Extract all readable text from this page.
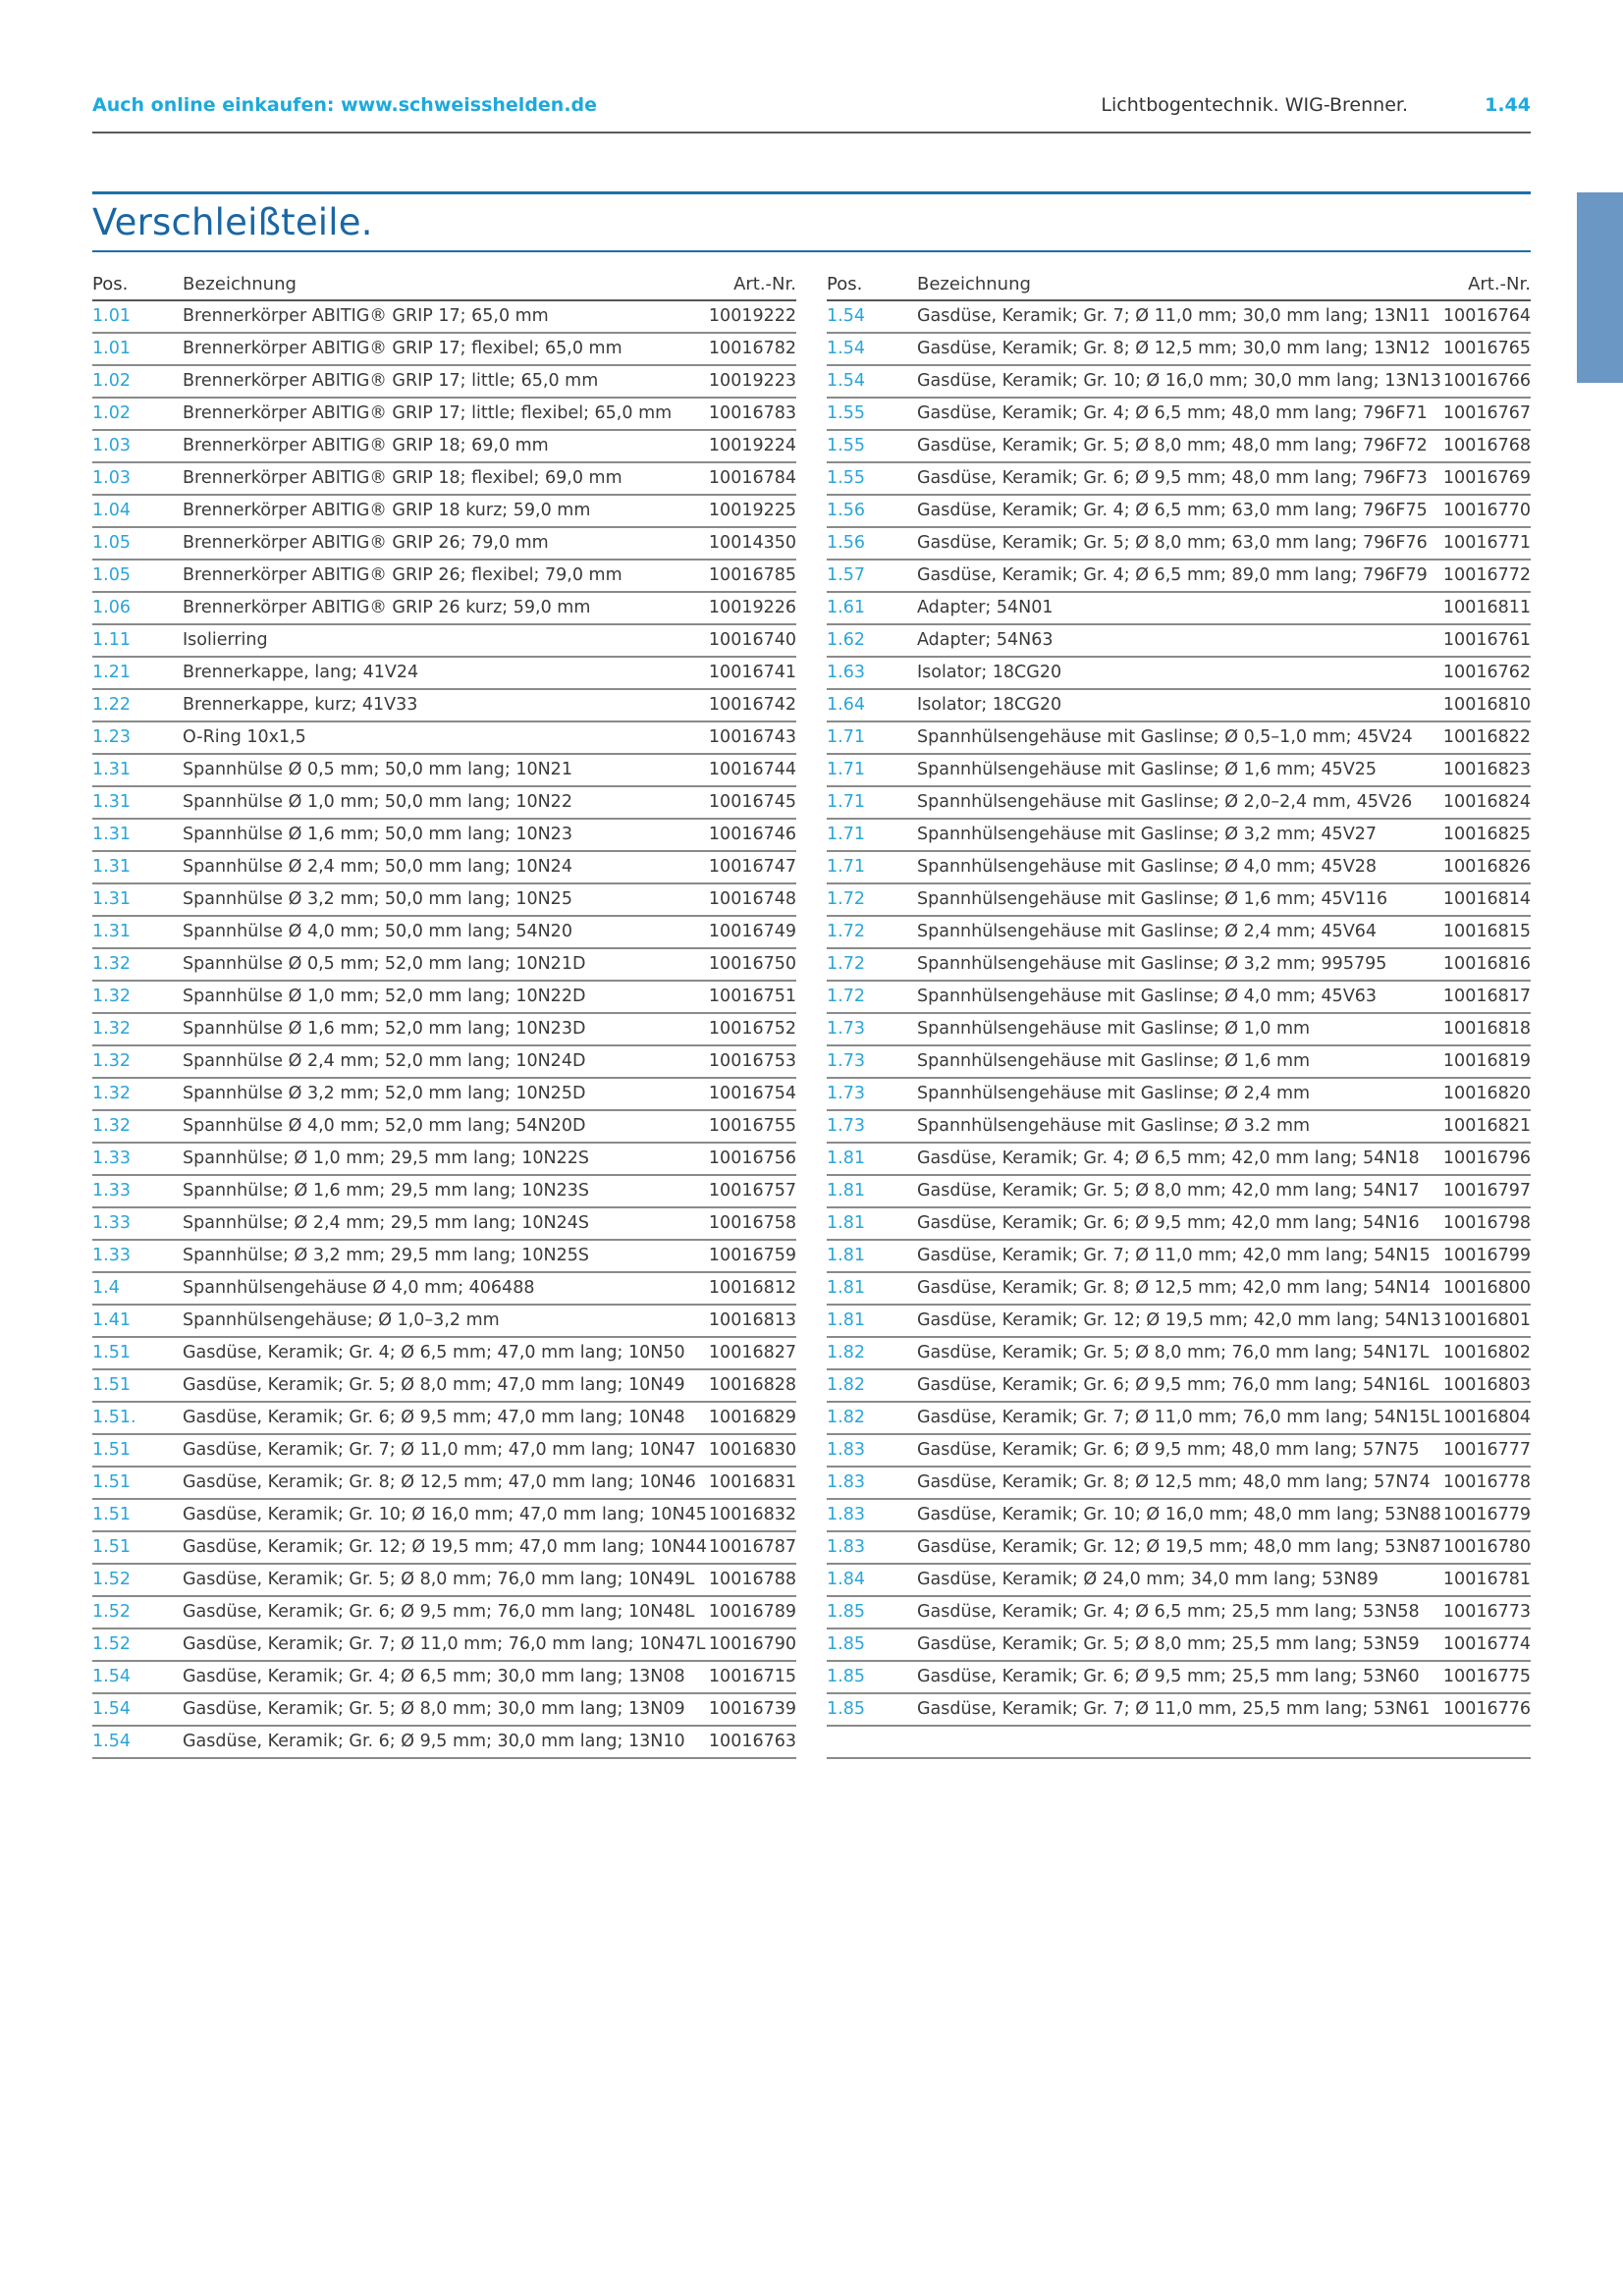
Auch online einkaufen: www.schweisshelden.de	Lichtbogentechnik. WIG-Brenner.	1.44
Verschleißteile.
Pos.	Bezeichnung	Art.-Nr.
1.01	Brennerkörper ABITIG® GRIP 17; 65,0 mm	10019222
1.01	Brennerkörper ABITIG® GRIP 17; flexibel; 65,0 mm	10016782
1.02	Brennerkörper ABITIG® GRIP 17; little; 65,0 mm	10019223
1.02	Brennerkörper ABITIG® GRIP 17; little; flexibel; 65,0 mm 10016783
1.03	Brennerkörper ABITIG® GRIP 18; 69,0 mm	10019224
1.03	Brennerkörper ABITIG® GRIP 18; flexibel; 69,0 mm	10016784
1.04	Brennerkörper ABITIG® GRIP 18 kurz; 59,0 mm	10019225
1.05	Brennerkörper ABITIG® GRIP 26; 79,0 mm	10014350
1.05	Brennerkörper ABITIG® GRIP 26; flexibel; 79,0 mm	10016785
1.06	Brennerkörper ABITIG® GRIP 26 kurz; 59,0 mm	10019226
1.11	Isolierring	10016740
1.21	Brennerkappe, lang; 41V24	10016741
1.22	Brennerkappe, kurz; 41V33	10016742
1.23	O-Ring 10x1,5	10016743
1.31	Spannhülse Ø 0,5 mm; 50,0 mm lang; 10N21	10016744
1.31	Spannhülse Ø 1,0 mm; 50,0 mm lang; 10N22	10016745
1.31	Spannhülse Ø 1,6 mm; 50,0 mm lang; 10N23	10016746
1.31	Spannhülse Ø 2,4 mm; 50,0 mm lang; 10N24	10016747
1.31	Spannhülse Ø 3,2 mm; 50,0 mm lang; 10N25	10016748
1.31	Spannhülse Ø 4,0 mm; 50,0 mm lang; 54N20	10016749
1.32	Spannhülse Ø 0,5 mm; 52,0 mm lang; 10N21D	10016750
1.32	Spannhülse Ø 1,0 mm; 52,0 mm lang; 10N22D	10016751
1.32	Spannhülse Ø 1,6 mm; 52,0 mm lang; 10N23D	10016752
1.32	Spannhülse Ø 2,4 mm; 52,0 mm lang; 10N24D	10016753
1.32	Spannhülse Ø 3,2 mm; 52,0 mm lang; 10N25D	10016754
1.32	Spannhülse Ø 4,0 mm; 52,0 mm lang; 54N20D	10016755
1.33	Spannhülse; Ø 1,0 mm; 29,5 mm lang; 10N22S	10016756
1.33	Spannhülse; Ø 1,6 mm; 29,5 mm lang; 10N23S	10016757
1.33	Spannhülse; Ø 2,4 mm; 29,5 mm lang; 10N24S	10016758
1.33	Spannhülse; Ø 3,2 mm; 29,5 mm lang; 10N25S	10016759
1.4	Spannhülsengehäuse Ø 4,0 mm; 406488	10016812
1.41	Spannhülsengehäuse; Ø 1,0–3,2 mm	10016813
1.51	Gasdüse, Keramik; Gr. 4; Ø 6,5 mm; 47,0 mm lang; 10N50 10016827
1.51	Gasdüse, Keramik; Gr. 5; Ø 8,0 mm; 47,0 mm lang; 10N49 10016828
1.51.	Gasdüse, Keramik; Gr. 6; Ø 9,5 mm; 47,0 mm lang; 10N48 10016829
1.51	Gasdüse, Keramik; Gr. 7; Ø 11,0 mm; 47,0 mm lang; 10N47 10016830
1.51	Gasdüse, Keramik; Gr. 8; Ø 12,5 mm; 47,0 mm lang; 10N46 10016831
1.51	Gasdüse, Keramik; Gr. 10; Ø 16,0 mm; 47,0 mm lang; 10N45 10016832
1.51	Gasdüse, Keramik; Gr. 12; Ø 19,5 mm; 47,0 mm lang; 10N44 10016787
1.52	Gasdüse, Keramik; Gr. 5; Ø 8,0 mm; 76,0 mm lang; 10N49L 10016788
1.52	Gasdüse, Keramik; Gr. 6; Ø 9,5 mm; 76,0 mm lang; 10N48L 10016789
1.52	Gasdüse, Keramik; Gr. 7; Ø 11,0 mm; 76,0 mm lang; 10N47L 10016790
1.54	Gasdüse, Keramik; Gr. 4; Ø 6,5 mm; 30,0 mm lang; 13N08 10016715
1.54	Gasdüse, Keramik; Gr. 5; Ø 8,0 mm; 30,0 mm lang; 13N09 10016739
1.54	Gasdüse, Keramik; Gr. 6; Ø 9,5 mm; 30,0 mm lang; 13N10 10016763
Pos.	Bezeichnung	Art.-Nr.
1.54	Gasdüse, Keramik; Gr. 7; Ø 11,0 mm; 30,0 mm lang; 13N11 10016764
1.54	Gasdüse, Keramik; Gr. 8; Ø 12,5 mm; 30,0 mm lang; 13N12 10016765
1.54	Gasdüse, Keramik; Gr. 10; Ø 16,0 mm; 30,0 mm lang; 13N13 10016766
1.55	Gasdüse, Keramik; Gr. 4; Ø 6,5 mm; 48,0 mm lang; 796F71 10016767
1.55	Gasdüse, Keramik; Gr. 5; Ø 8,0 mm; 48,0 mm lang; 796F72 10016768
1.55	Gasdüse, Keramik; Gr. 6; Ø 9,5 mm; 48,0 mm lang; 796F73 10016769
1.56	Gasdüse, Keramik; Gr. 4; Ø 6,5 mm; 63,0 mm lang; 796F75 10016770
1.56	Gasdüse, Keramik; Gr. 5; Ø 8,0 mm; 63,0 mm lang; 796F76 10016771
1.57	Gasdüse, Keramik; Gr. 4; Ø 6,5 mm; 89,0 mm lang; 796F79 10016772
1.61	Adapter; 54N01	10016811
1.62	Adapter; 54N63	10016761
1.63	Isolator; 18CG20	10016762
1.64	Isolator; 18CG20	10016810
1.71	Spannhülsengehäuse mit Gaslinse; Ø 0,5–1,0 mm; 45V24 10016822
1.71	Spannhülsengehäuse mit Gaslinse; Ø 1,6 mm; 45V25	10016823
1.71	Spannhülsengehäuse mit Gaslinse; Ø 2,0–2,4 mm, 45V26 10016824
1.71	Spannhülsengehäuse mit Gaslinse; Ø 3,2 mm; 45V27	10016825
1.71	Spannhülsengehäuse mit Gaslinse; Ø 4,0 mm; 45V28	10016826
1.72	Spannhülsengehäuse mit Gaslinse; Ø 1,6 mm; 45V116	10016814
1.72	Spannhülsengehäuse mit Gaslinse; Ø 2,4 mm; 45V64	10016815
1.72	Spannhülsengehäuse mit Gaslinse; Ø 3,2 mm; 995795	10016816
1.72	Spannhülsengehäuse mit Gaslinse; Ø 4,0 mm; 45V63	10016817
1.73	Spannhülsengehäuse mit Gaslinse; Ø 1,0 mm	10016818
1.73	Spannhülsengehäuse mit Gaslinse; Ø 1,6 mm	10016819
1.73	Spannhülsengehäuse mit Gaslinse; Ø 2,4 mm	10016820
1.73	Spannhülsengehäuse mit Gaslinse; Ø 3.2 mm	10016821
1.81	Gasdüse, Keramik; Gr. 4; Ø 6,5 mm; 42,0 mm lang; 54N18 10016796
1.81	Gasdüse, Keramik; Gr. 5; Ø 8,0 mm; 42,0 mm lang; 54N17 10016797
1.81	Gasdüse, Keramik; Gr. 6; Ø 9,5 mm; 42,0 mm lang; 54N16 10016798
1.81	Gasdüse, Keramik; Gr. 7; Ø 11,0 mm; 42,0 mm lang; 54N15 10016799
1.81	Gasdüse, Keramik; Gr. 8; Ø 12,5 mm; 42,0 mm lang; 54N14 10016800
1.81	Gasdüse, Keramik; Gr. 12; Ø 19,5 mm; 42,0 mm lang; 54N13 10016801
1.82	Gasdüse, Keramik; Gr. 5; Ø 8,0 mm; 76,0 mm lang; 54N17L 10016802
1.82	Gasdüse, Keramik; Gr. 6; Ø 9,5 mm; 76,0 mm lang; 54N16L 10016803
1.82	Gasdüse, Keramik; Gr. 7; Ø 11,0 mm; 76,0 mm lang; 54N15L 10016804
1.83	Gasdüse, Keramik; Gr. 6; Ø 9,5 mm; 48,0 mm lang; 57N75 10016777
1.83	Gasdüse, Keramik; Gr. 8; Ø 12,5 mm; 48,0 mm lang; 57N74 10016778
1.83	Gasdüse, Keramik; Gr. 10; Ø 16,0 mm; 48,0 mm lang; 53N88 10016779
1.83	Gasdüse, Keramik; Gr. 12; Ø 19,5 mm; 48,0 mm lang; 53N87 10016780
1.84	Gasdüse, Keramik; Ø 24,0 mm; 34,0 mm lang; 53N89	10016781
1.85	Gasdüse, Keramik; Gr. 4; Ø 6,5 mm; 25,5 mm lang; 53N58 10016773
1.85	Gasdüse, Keramik; Gr. 5; Ø 8,0 mm; 25,5 mm lang; 53N59 10016774
1.85	Gasdüse, Keramik; Gr. 6; Ø 9,5 mm; 25,5 mm lang; 53N60 10016775
1.85	Gasdüse, Keramik; Gr. 7; Ø 11,0 mm, 25,5 mm lang; 53N61 10016776
